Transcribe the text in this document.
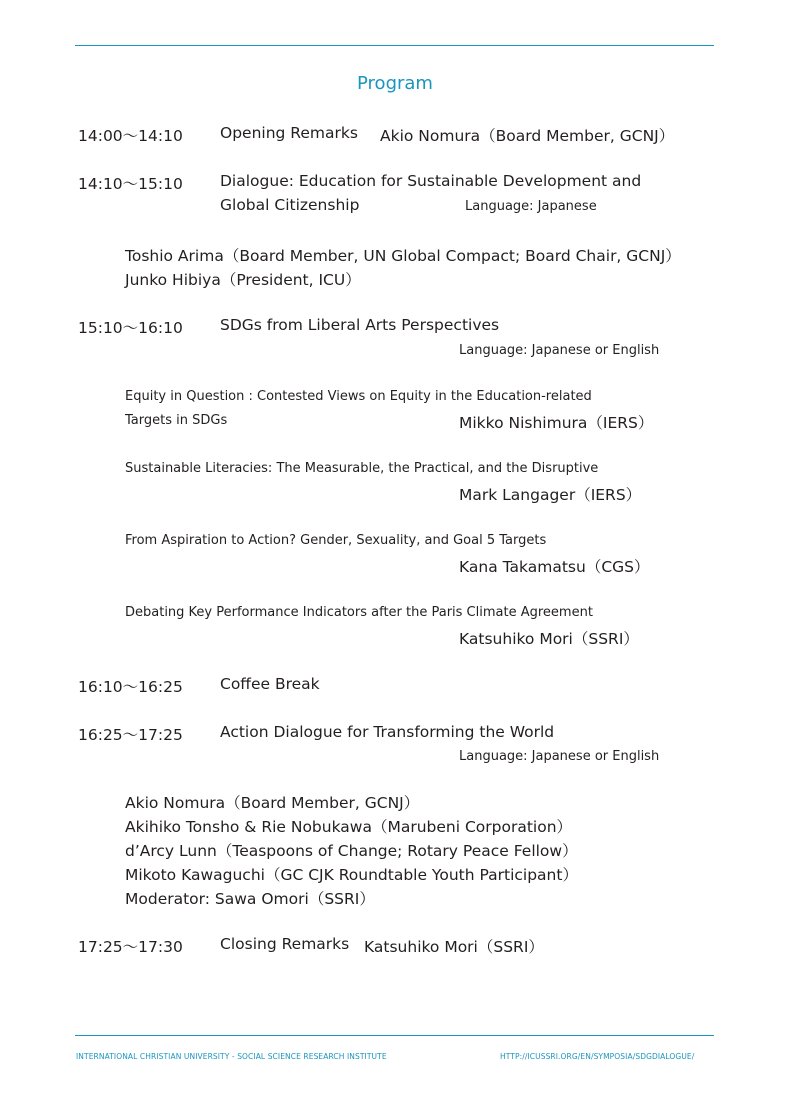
Program
14:00〜14:10 Opening Remarks Akio Nomura（Board Member, GCNJ）
14:10〜15:10 Dialogue: Education for Sustainable Development and
Global Citizenship	Language: Japanese
Toshio Arima（Board Member, UN Global Compact; Board Chair, GCNJ）
Junko Hibiya（President, ICU）
15:10〜16:10 SDGs from Liberal Arts Perspectives
Language: Japanese or English
Equity in Question : Contested Views on Equity in the Education-related
Targets in SDGs	Mikko Nishimura（IERS）
Sustainable Literacies: The Measurable, the Practical, and the Disruptive
Mark Langager（IERS）
From Aspiration to Action? Gender, Sexuality, and Goal 5 Targets
Kana Takamatsu（CGS）
Debating Key Performance Indicators after the Paris Climate Agreement
Katsuhiko Mori（SSRI）
16:10〜16:25 Coffee Break
16:25〜17:25 Action Dialogue for Transforming the World
Language: Japanese or English
Akio Nomura（Board Member, GCNJ）
Akihiko Tonsho & Rie Nobukawa（Marubeni Corporation）
d’Arcy Lunn（Teaspoons of Change; Rotary Peace Fellow）
Mikoto Kawaguchi（GC CJK Roundtable Youth Participant）
Moderator: Sawa Omori（SSRI）
17:25〜17:30 Closing Remarks Katsuhiko Mori（SSRI）
INTERNATIONAL CHRISTIAN UNIVERSITY - SOCIAL SCIENCE RESEARCH INSTITUTE	HTTP://ICUSSRI.ORG/EN/SYMPOSIA/SDGDIALOGUE/
